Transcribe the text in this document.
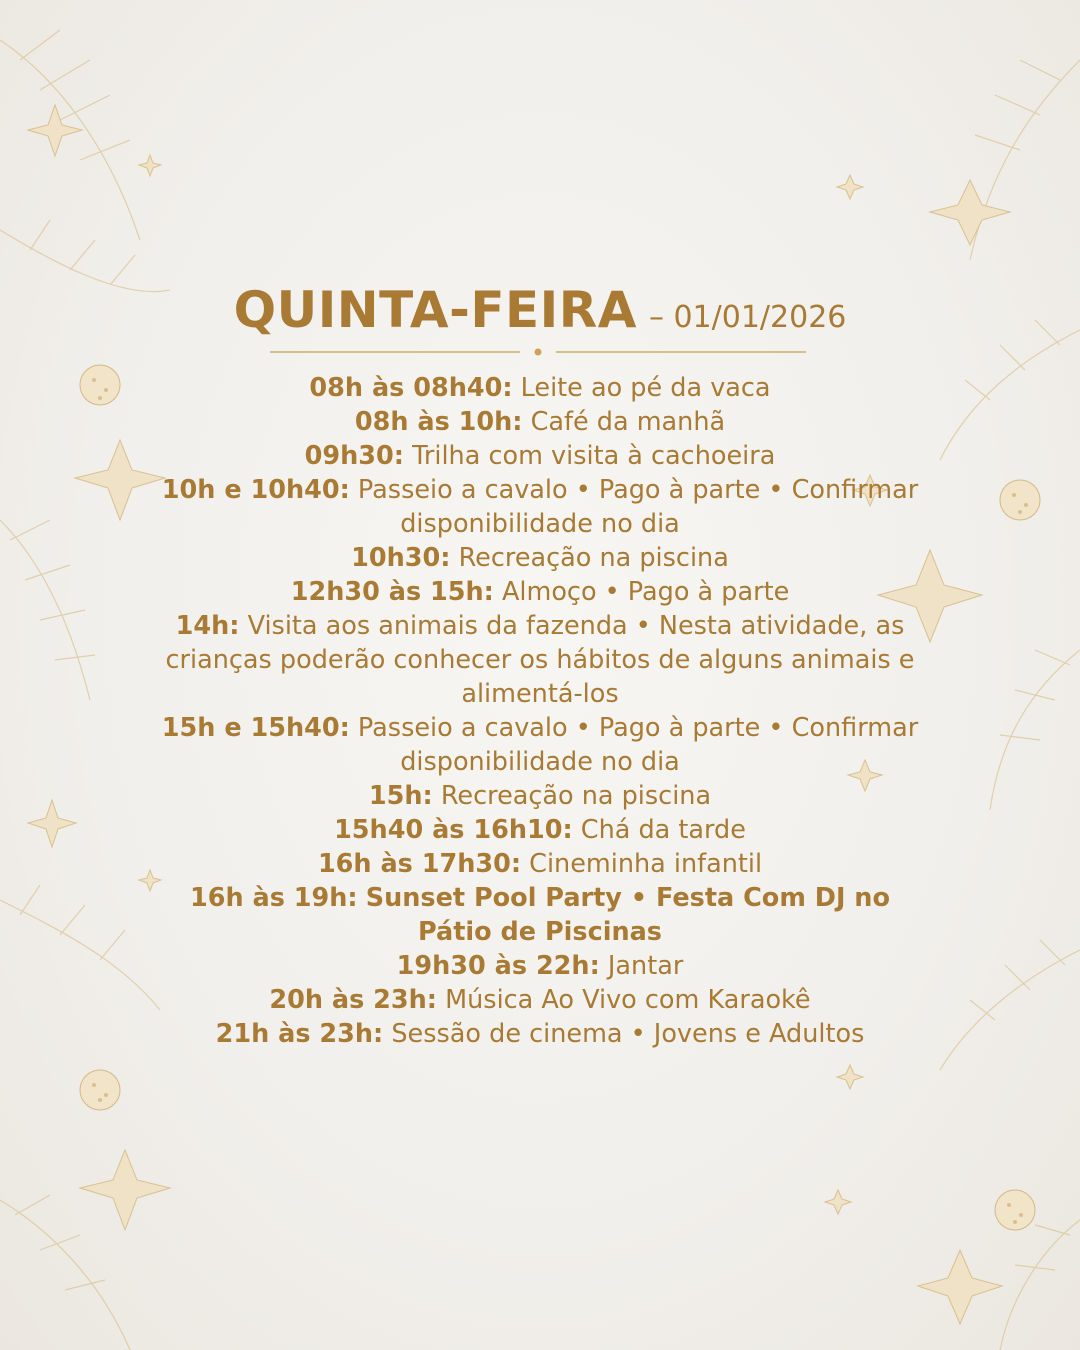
QUINTA-FEIRA – 01/01/2026
08h às 08h40: Leite ao pé da vaca
08h às 10h: Café da manhã
09h30: Trilha com visita à cachoeira
10h e 10h40: Passeio a cavalo • Pago à parte • Confirmar disponibilidade no dia
10h30: Recreação na piscina
12h30 às 15h: Almoço • Pago à parte
14h: Visita aos animais da fazenda • Nesta atividade, as crianças poderão conhecer os hábitos de alguns animais e alimentá-los
15h e 15h40: Passeio a cavalo • Pago à parte • Confirmar disponibilidade no dia
15h: Recreação na piscina
15h40 às 16h10: Chá da tarde
16h às 17h30: Cineminha infantil
16h às 19h: Sunset Pool Party • Festa Com DJ no Pátio de Piscinas
19h30 às 22h: Jantar
20h às 23h: Música Ao Vivo com Karaokê
21h às 23h: Sessão de cinema • Jovens e Adultos
